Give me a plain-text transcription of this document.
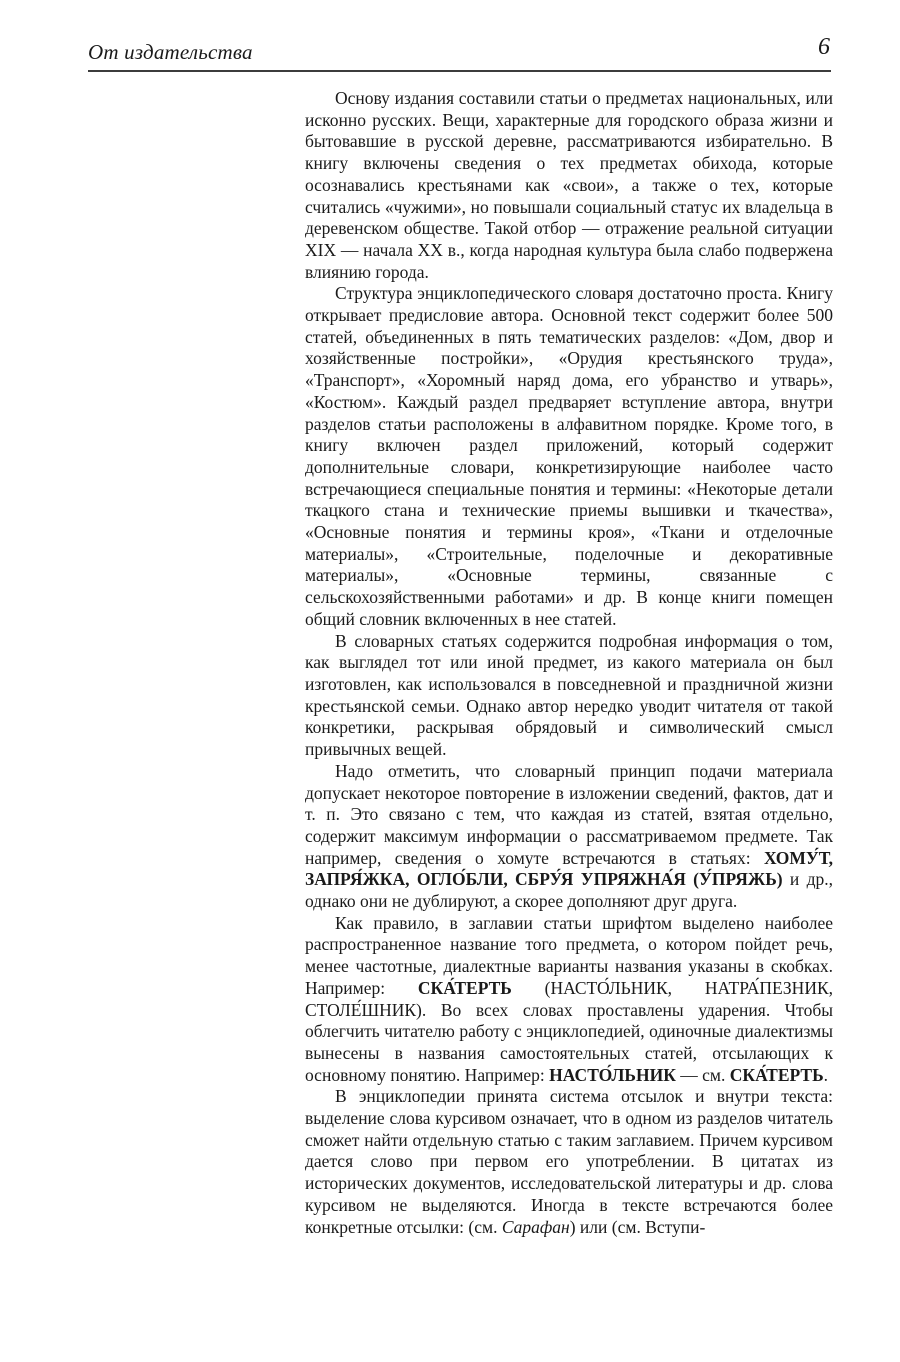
От издательства	6

Основу издания составили статьи о предметах национальных, или исконно русских. Вещи, характерные для городского образа жизни и бытовавшие в русской деревне, рассматриваются избирательно. В книгу включены сведения о тех предметах обихода, которые осознавались крестьянами как «свои», а также о тех, которые считались «чужими», но повышали социальный статус их владельца в деревенском обществе. Такой отбор — отражение реальной ситуации XIX — начала XX в., когда народная культура была слабо подвержена влиянию города.

Структура энциклопедического словаря достаточно проста. Книгу открывает предисловие автора. Основной текст содержит более 500 статей, объединенных в пять тематических разделов: «Дом, двор и хозяйственные постройки», «Орудия крестьянского труда», «Транспорт», «Хоромный наряд дома, его убранство и утварь», «Костюм». Каждый раздел предваряет вступление автора, внутри разделов статьи расположены в алфавитном порядке. Кроме того, в книгу включен раздел приложений, который содержит дополнительные словари, конкретизирующие наиболее часто встречающиеся специальные понятия и термины: «Некоторые детали ткацкого стана и технические приемы вышивки и ткачества», «Основные понятия и термины кроя», «Ткани и отделочные материалы», «Строительные, поделочные и декоративные материалы», «Основные термины, связанные с сельскохозяйственными работами» и др. В конце книги помещен общий словник включенных в нее статей.

В словарных статьях содержится подробная информация о том, как выглядел тот или иной предмет, из какого материала он был изготовлен, как использовался в повседневной и праздничной жизни крестьянской семьи. Однако автор нередко уводит читателя от такой конкретики, раскрывая обрядовый и символический смысл привычных вещей.

Надо отметить, что словарный принцип подачи материала допускает некоторое повторение в изложении сведений, фактов, дат и т. п. Это связано с тем, что каждая из статей, взятая отдельно, содержит максимум информации о рассматриваемом предмете. Так например, сведения о хомуте встречаются в статьях: ХОМУ́Т, ЗАПРЯ́ЖКА, ОГЛО́БЛИ, СБРУ́Я УПРЯЖНА́Я (У́ПРЯЖЬ) и др., однако они не дублируют, а скорее дополняют друг друга.

Как правило, в заглавии статьи шрифтом выделено наиболее распространенное название того предмета, о котором пойдет речь, менее частотные, диалектные варианты названия указаны в скобках. Например: СКА́ТЕРТЬ (НАСТО́ЛЬНИК, НАТРА́ПЕЗНИК, СТОЛЕ́ШНИК). Во всех словах проставлены ударения. Чтобы облегчить читателю работу с энциклопедией, одиночные диалектизмы вынесены в названия самостоятельных статей, отсылающих к основному понятию. Например: НАСТО́ЛЬНИК — см. СКА́ТЕРТЬ.

В энциклопедии принята система отсылок и внутри текста: выделение слова курсивом означает, что в одном из разделов читатель сможет найти отдельную статью с таким заглавием. Причем курсивом дается слово при первом его употреблении. В цитатах из исторических документов, исследовательской литературы и др. слова курсивом не выделяются. Иногда в тексте встречаются более конкретные отсылки: (см. Сарафан) или (см. Вступи-
